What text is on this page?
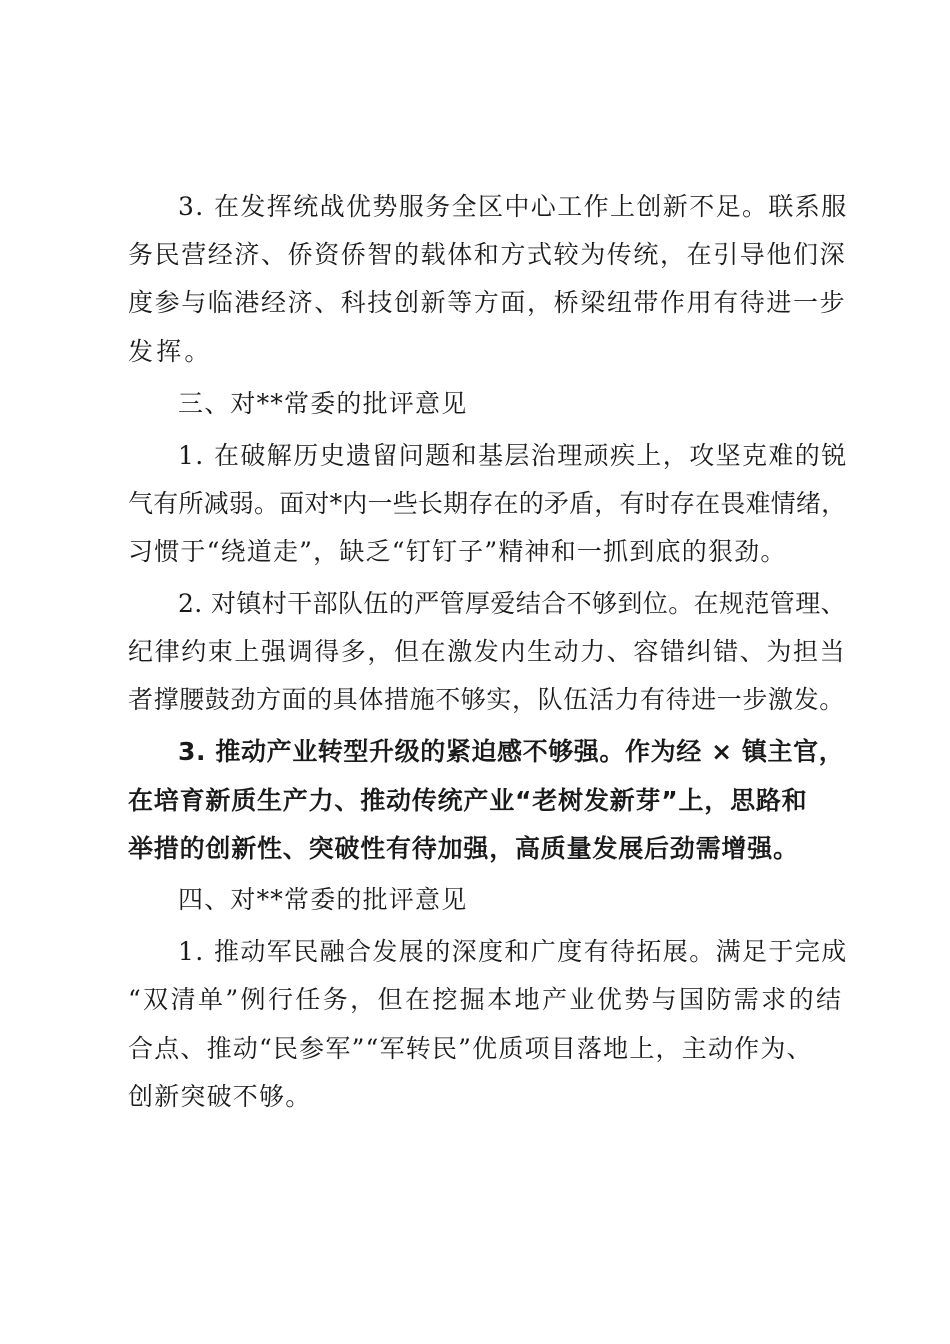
3. 在发挥统战优势服务全区中心工作上创新不足。联系服
务民营经济、侨资侨智的载体和方式较为传统，在引导他们深
度参与临港经济、科技创新等方面，桥梁纽带作用有待进一步
发挥。
三、对**常委的批评意见
1. 在破解历史遗留问题和基层治理顽疾上，攻坚克难的锐
气有所减弱。面对*内一些长期存在的矛盾，有时存在畏难情绪，
习惯于“绕道走”，缺乏“钉钉子”精神和一抓到底的狠劲。
2. 对镇村干部队伍的严管厚爱结合不够到位。在规范管理、
纪律约束上强调得多，但在激发内生动力、容错纠错、为担当
者撑腰鼓劲方面的具体措施不够实，队伍活力有待进一步激发。
3. 推动产业转型升级的紧迫感不够强。作为经 × 镇主官，
在培育新质生产力、推动传统产业“老树发新芽”上，思路和
举措的创新性、突破性有待加强，高质量发展后劲需增强。
四、对**常委的批评意见
1. 推动军民融合发展的深度和广度有待拓展。满足于完成
“双清单”例行任务，但在挖掘本地产业优势与国防需求的结
合点、推动“民参军”“军转民”优质项目落地上，主动作为、
创新突破不够。
